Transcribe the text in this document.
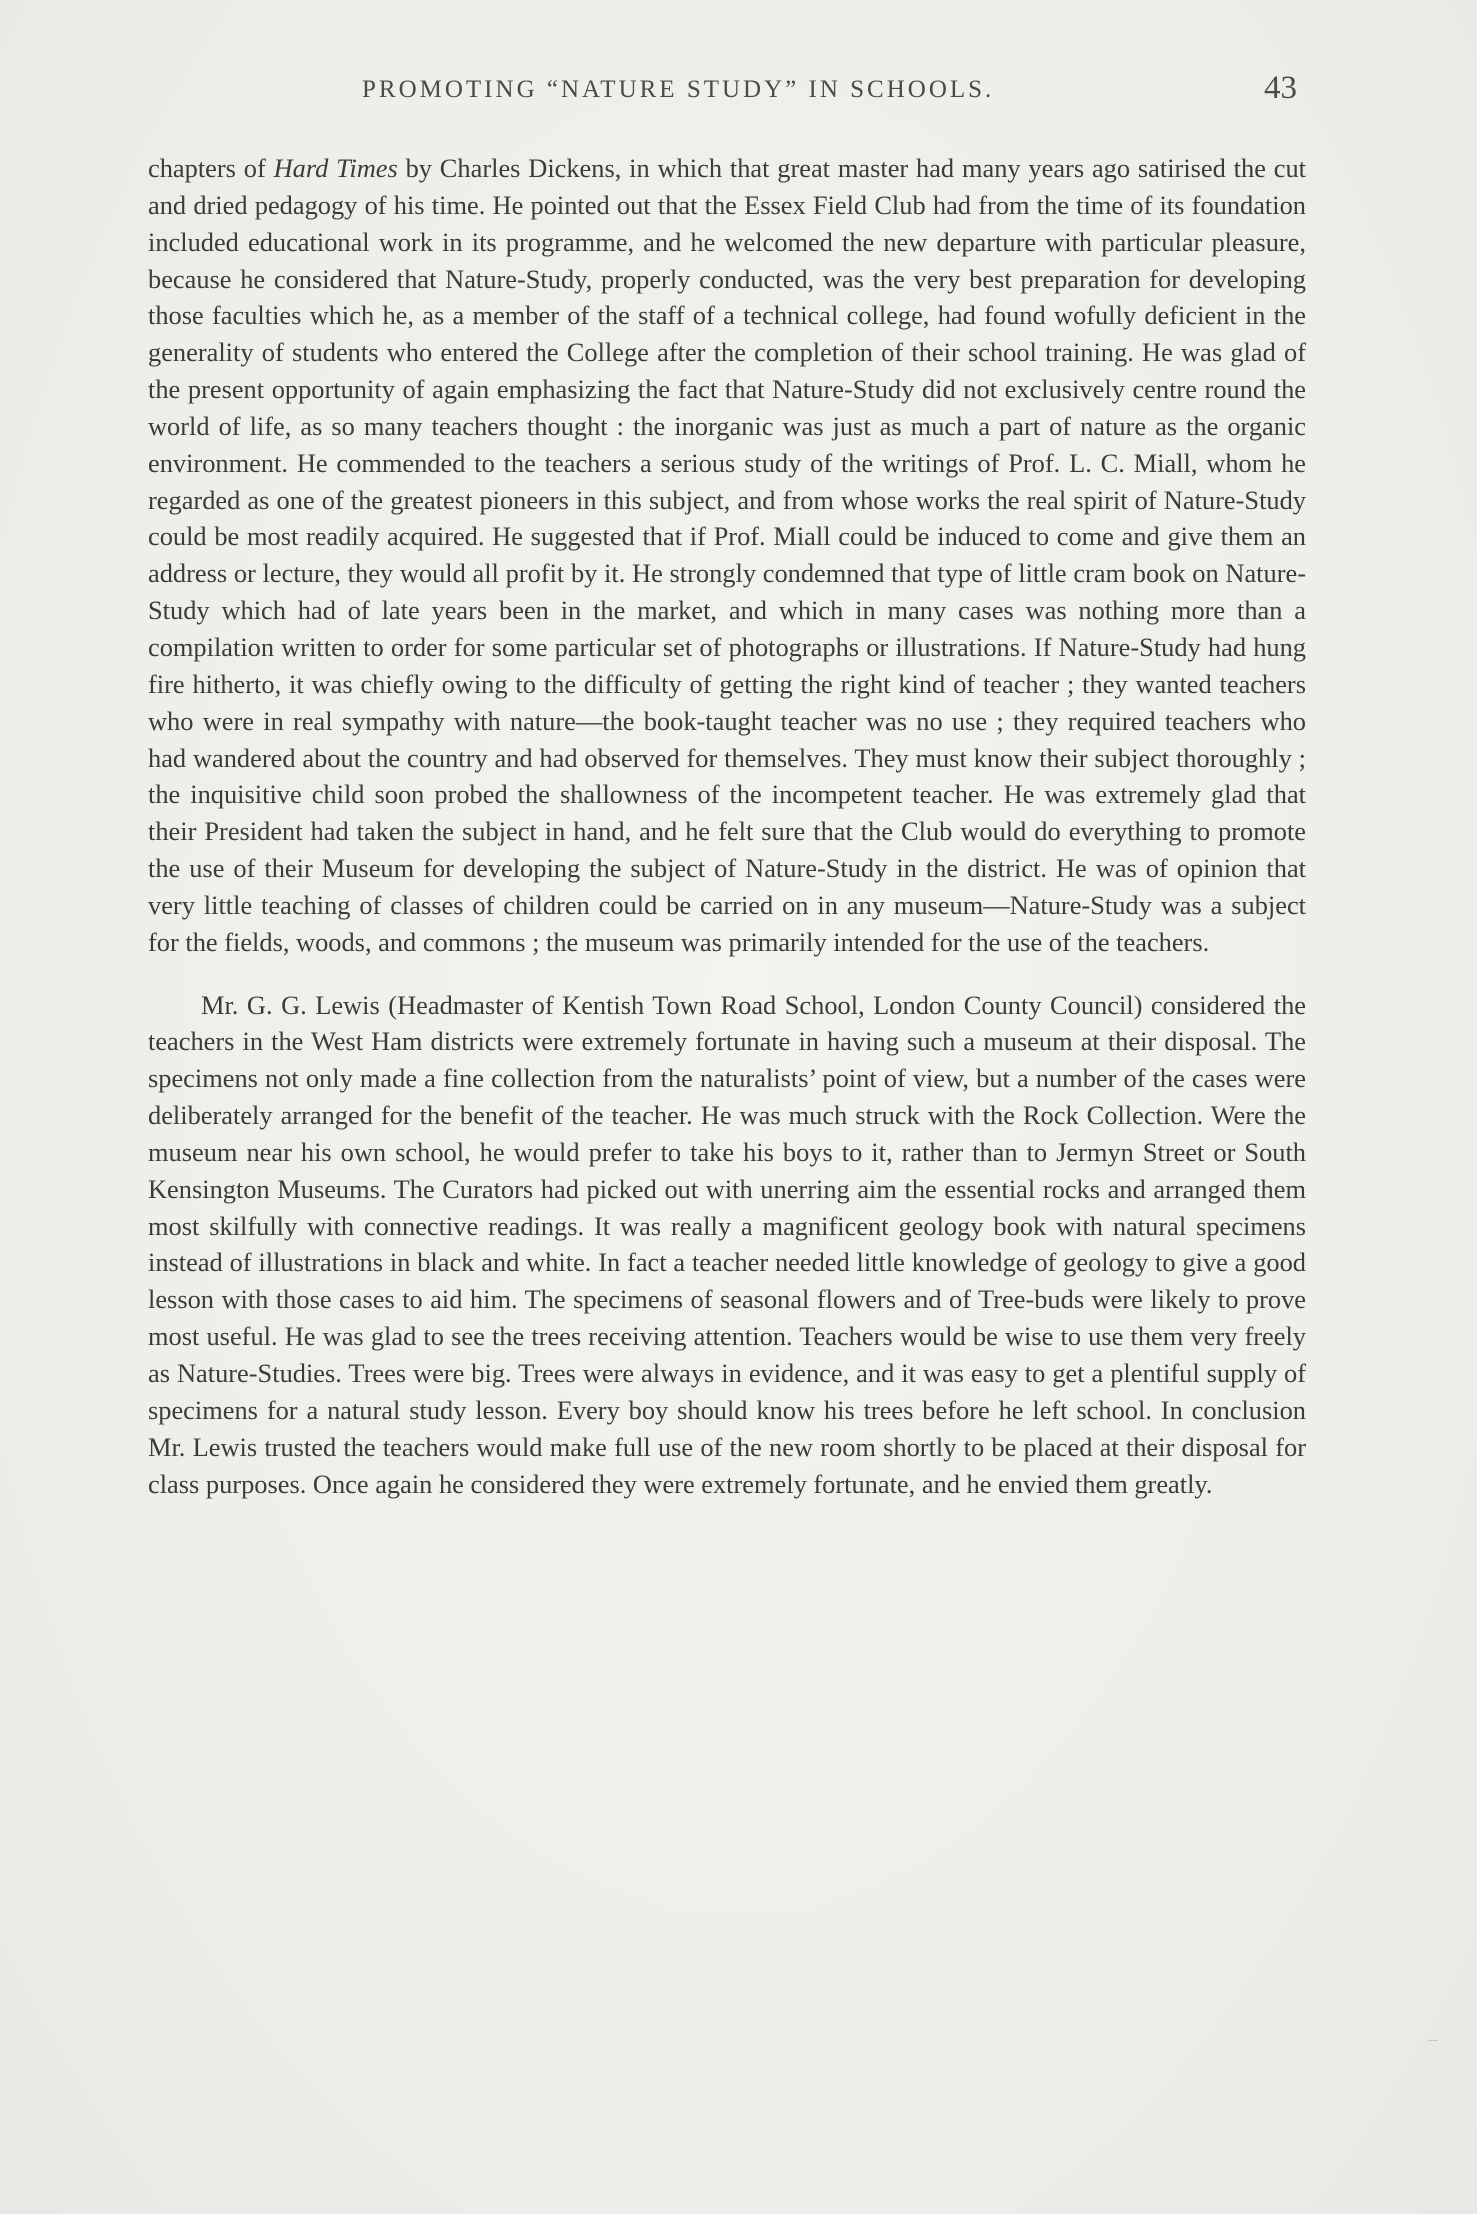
PROMOTING “NATURE STUDY” IN SCHOOLS.	43

chapters of Hard Times by Charles Dickens, in which that great master had many years ago satirised the cut and dried pedagogy of his time. He pointed out that the Essex Field Club had from the time of its foundation included educational work in its programme, and he welcomed the new departure with particular pleasure, because he considered that Nature-Study, properly conducted, was the very best preparation for developing those faculties which he, as a member of the staff of a technical college, had found wofully deficient in the generality of students who entered the College after the completion of their school training. He was glad of the present opportunity of again emphasizing the fact that Nature-Study did not exclusively centre round the world of life, as so many teachers thought : the inorganic was just as much a part of nature as the organic environment. He commended to the teachers a serious study of the writings of Prof. L. C. Miall, whom he regarded as one of the greatest pioneers in this subject, and from whose works the real spirit of Nature-Study could be most readily acquired. He suggested that if Prof. Miall could be induced to come and give them an address or lecture, they would all profit by it. He strongly condemned that type of little cram book on Nature-Study which had of late years been in the market, and which in many cases was nothing more than a compilation written to order for some particular set of photographs or illustrations. If Nature-Study had hung fire hitherto, it was chiefly owing to the difficulty of getting the right kind of teacher ; they wanted teachers who were in real sympathy with nature—the book-taught teacher was no use ; they required teachers who had wandered about the country and had observed for themselves. They must know their subject thoroughly ; the inquisitive child soon probed the shallowness of the incompetent teacher. He was extremely glad that their President had taken the subject in hand, and he felt sure that the Club would do everything to promote the use of their Museum for developing the subject of Nature-Study in the district. He was of opinion that very little teaching of classes of children could be carried on in any museum—Nature-Study was a subject for the fields, woods, and commons ; the museum was primarily intended for the use of the teachers.

Mr. G. G. Lewis (Headmaster of Kentish Town Road School, London County Council) considered the teachers in the West Ham districts were extremely fortunate in having such a museum at their disposal. The specimens not only made a fine collection from the naturalists’ point of view, but a number of the cases were deliberately arranged for the benefit of the teacher. He was much struck with the Rock Collection. Were the museum near his own school, he would prefer to take his boys to it, rather than to Jermyn Street or South Kensington Museums. The Curators had picked out with unerring aim the essential rocks and arranged them most skilfully with connective readings. It was really a magnificent geology book with natural specimens instead of illustrations in black and white. In fact a teacher needed little knowledge of geology to give a good lesson with those cases to aid him. The specimens of seasonal flowers and of Tree-buds were likely to prove most useful. He was glad to see the trees receiving attention. Teachers would be wise to use them very freely as Nature-Studies. Trees were big. Trees were always in evidence, and it was easy to get a plentiful supply of specimens for a natural study lesson. Every boy should know his trees before he left school. In conclusion Mr. Lewis trusted the teachers would make full use of the new room shortly to be placed at their disposal for class purposes. Once again he considered they were extremely fortunate, and he envied them greatly.
